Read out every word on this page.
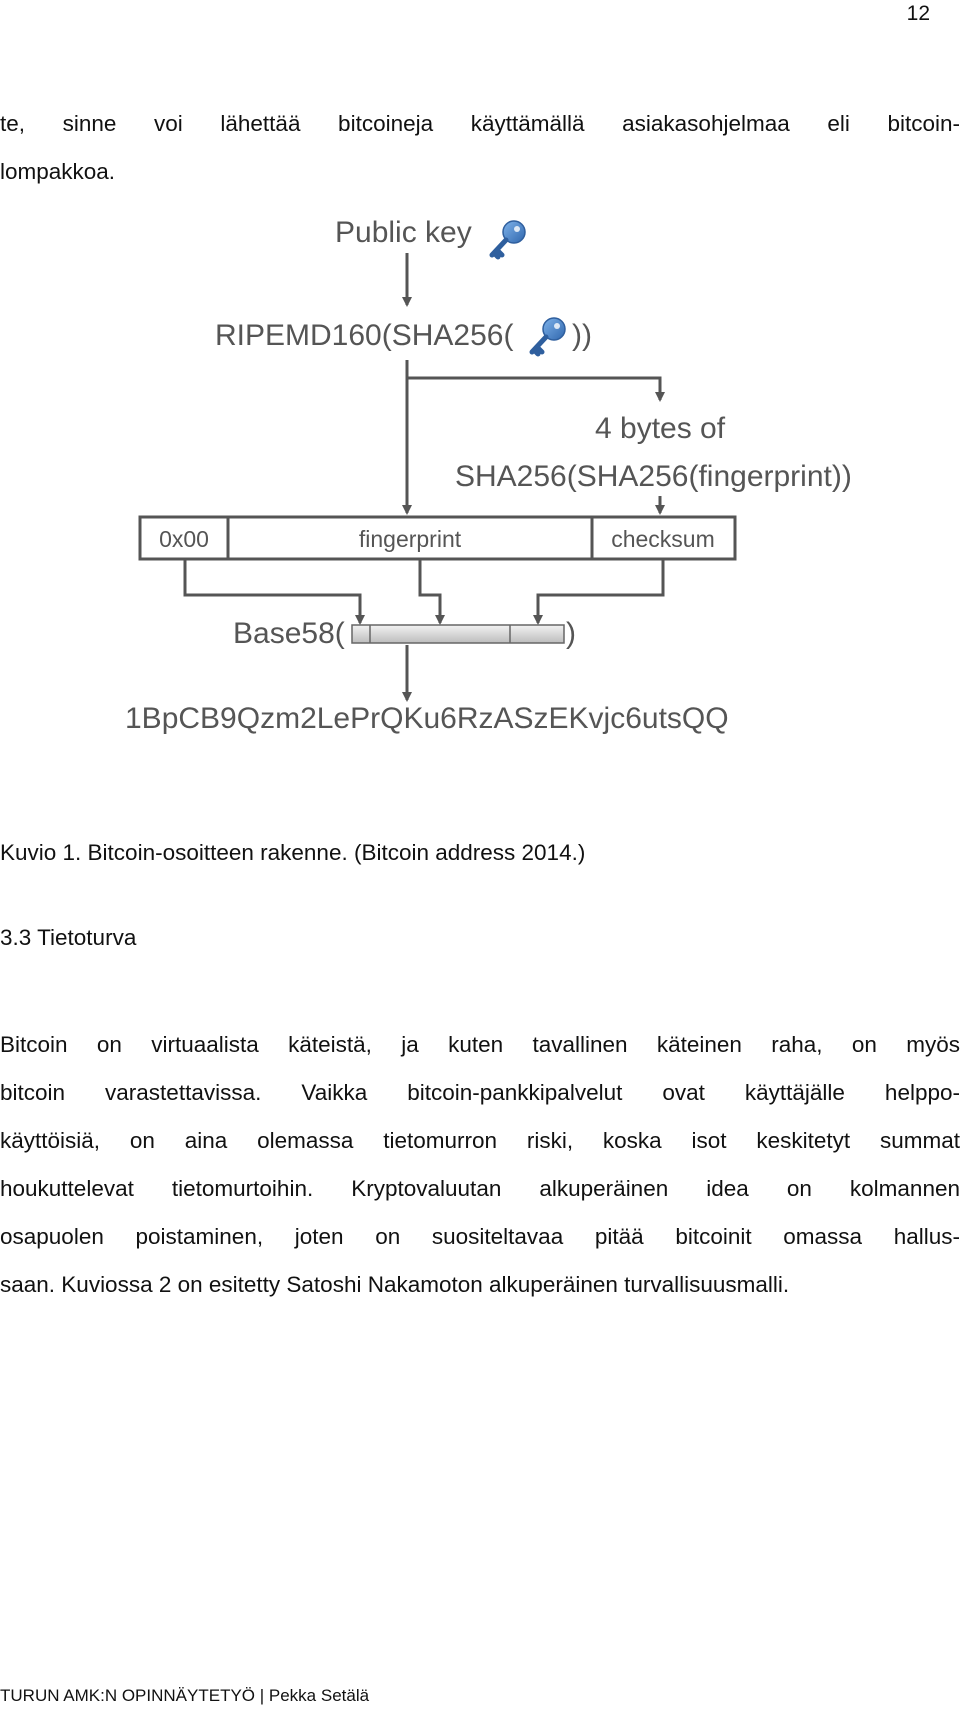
12
te, sinne voi lähettää bitcoineja käyttämällä asiakasohjelmaa eli bitcoin-
lompakkoa.
Public key
RIPEMD160(SHA256( ))
4 bytes of
SHA256(SHA256(fingerprint))
0x00	fingerprint	checksum
Base58(	)
1BpCB9Qzm2LePrQKu6RzASzEKvjc6utsQQ
Kuvio 1. Bitcoin-osoitteen rakenne. (Bitcoin address 2014.)
3.3 Tietoturva
Bitcoin on virtuaalista käteistä, ja kuten tavallinen käteinen raha, on myös
bitcoin varastettavissa. Vaikka bitcoin-pankkipalvelut ovat käyttäjälle helppo-
käyttöisiä, on aina olemassa tietomurron riski, koska isot keskitetyt summat
houkuttelevat tietomurtoihin. Kryptovaluutan alkuperäinen idea on kolmannen
osapuolen poistaminen, joten on suositeltavaa pitää bitcoinit omassa hallus-
saan. Kuviossa 2 on esitetty Satoshi Nakamoton alkuperäinen turvallisuusmalli.
TURUN AMK:N OPINNÄYTETYÖ | Pekka Setälä
